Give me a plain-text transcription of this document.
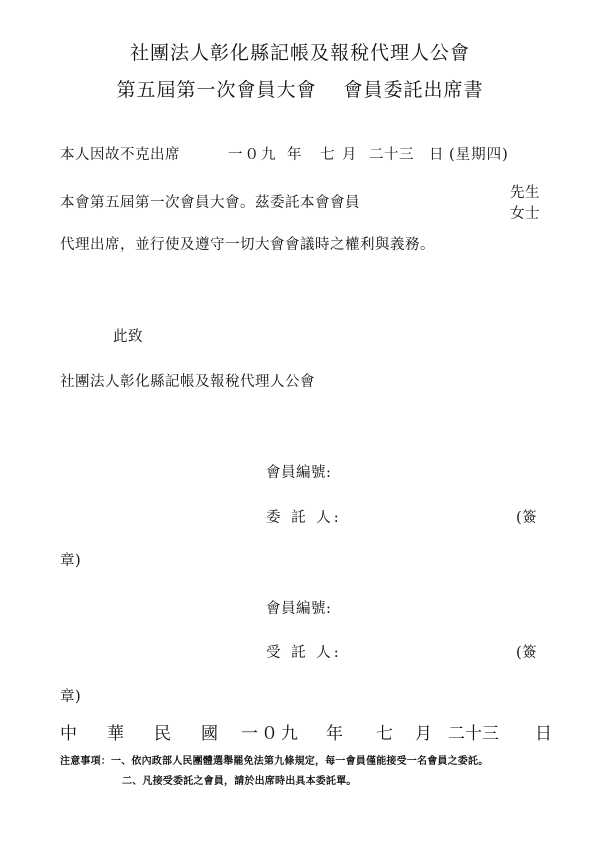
社團法人彰化縣記帳及報稅代理人公會
第五屆第一次會員大會　 會員委託出席書
本人因故不克出席	一０九 年 七 月 二十三 日 (星期四)
本會第五屆第一次會員大會。茲委託本會會員
先生
女士
代理出席，並行使及遵守一切大會會議時之權利與義務。
此致
社團法人彰化縣記帳及報稅代理人公會
會員編號:
委 託 人:	(簽
章)
會員編號:
受 託 人:	(簽
章)
中 華 民 國 一０九 年 七 月 二十三 日
注意事項：一、依內政部人民團體選舉罷免法第九條規定，每一會員僅能接受一名會員之委託。
二、凡接受委託之會員，請於出席時出具本委託單。
